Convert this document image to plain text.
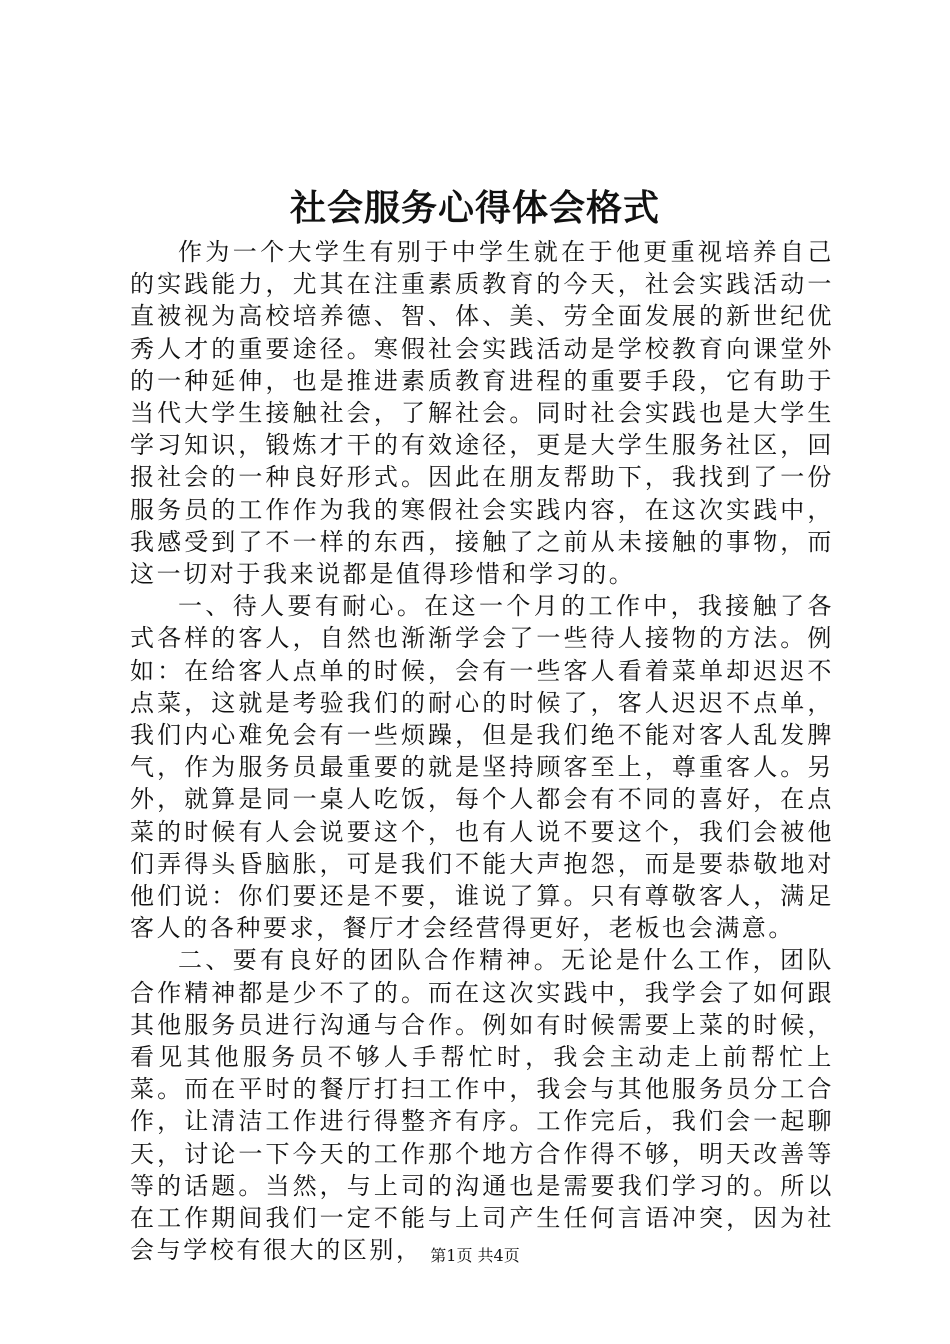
社会服务心得体会格式

作为一个大学生有别于中学生就在于他更重视培养自己的实践能力，尤其在注重素质教育的今天，社会实践活动一直被视为高校培养德、智、体、美、劳全面发展的新世纪优秀人才的重要途径。寒假社会实践活动是学校教育向课堂外的一种延伸，也是推进素质教育进程的重要手段，它有助于当代大学生接触社会，了解社会。同时社会实践也是大学生学习知识，锻炼才干的有效途径，更是大学生服务社区，回报社会的一种良好形式。因此在朋友帮助下，我找到了一份服务员的工作作为我的寒假社会实践内容，在这次实践中，我感受到了不一样的东西，接触了之前从未接触的事物，而这一切对于我来说都是值得珍惜和学习的。

一、待人要有耐心。在这一个月的工作中，我接触了各式各样的客人，自然也渐渐学会了一些待人接物的方法。例如：在给客人点单的时候，会有一些客人看着菜单却迟迟不点菜，这就是考验我们的耐心的时候了，客人迟迟不点单，我们内心难免会有一些烦躁，但是我们绝不能对客人乱发脾气，作为服务员最重要的就是坚持顾客至上，尊重客人。另外，就算是同一桌人吃饭，每个人都会有不同的喜好，在点菜的时候有人会说要这个，也有人说不要这个，我们会被他们弄得头昏脑胀，可是我们不能大声抱怨，而是要恭敬地对他们说：你们要还是不要，谁说了算。只有尊敬客人，满足客人的各种要求，餐厅才会经营得更好，老板也会满意。

二、要有良好的团队合作精神。无论是什么工作，团队合作精神都是少不了的。而在这次实践中，我学会了如何跟其他服务员进行沟通与合作。例如有时候需要上菜的时候，看见其他服务员不够人手帮忙时，我会主动走上前帮忙上菜。而在平时的餐厅打扫工作中，我会与其他服务员分工合作，让清洁工作进行得整齐有序。工作完后，我们会一起聊天，讨论一下今天的工作那个地方合作得不够，明天改善等等的话题。当然，与上司的沟通也是需要我们学习的。所以在工作期间我们一定不能与上司产生任何言语冲突，因为社会与学校有很大的区别， 第1页 共4页
